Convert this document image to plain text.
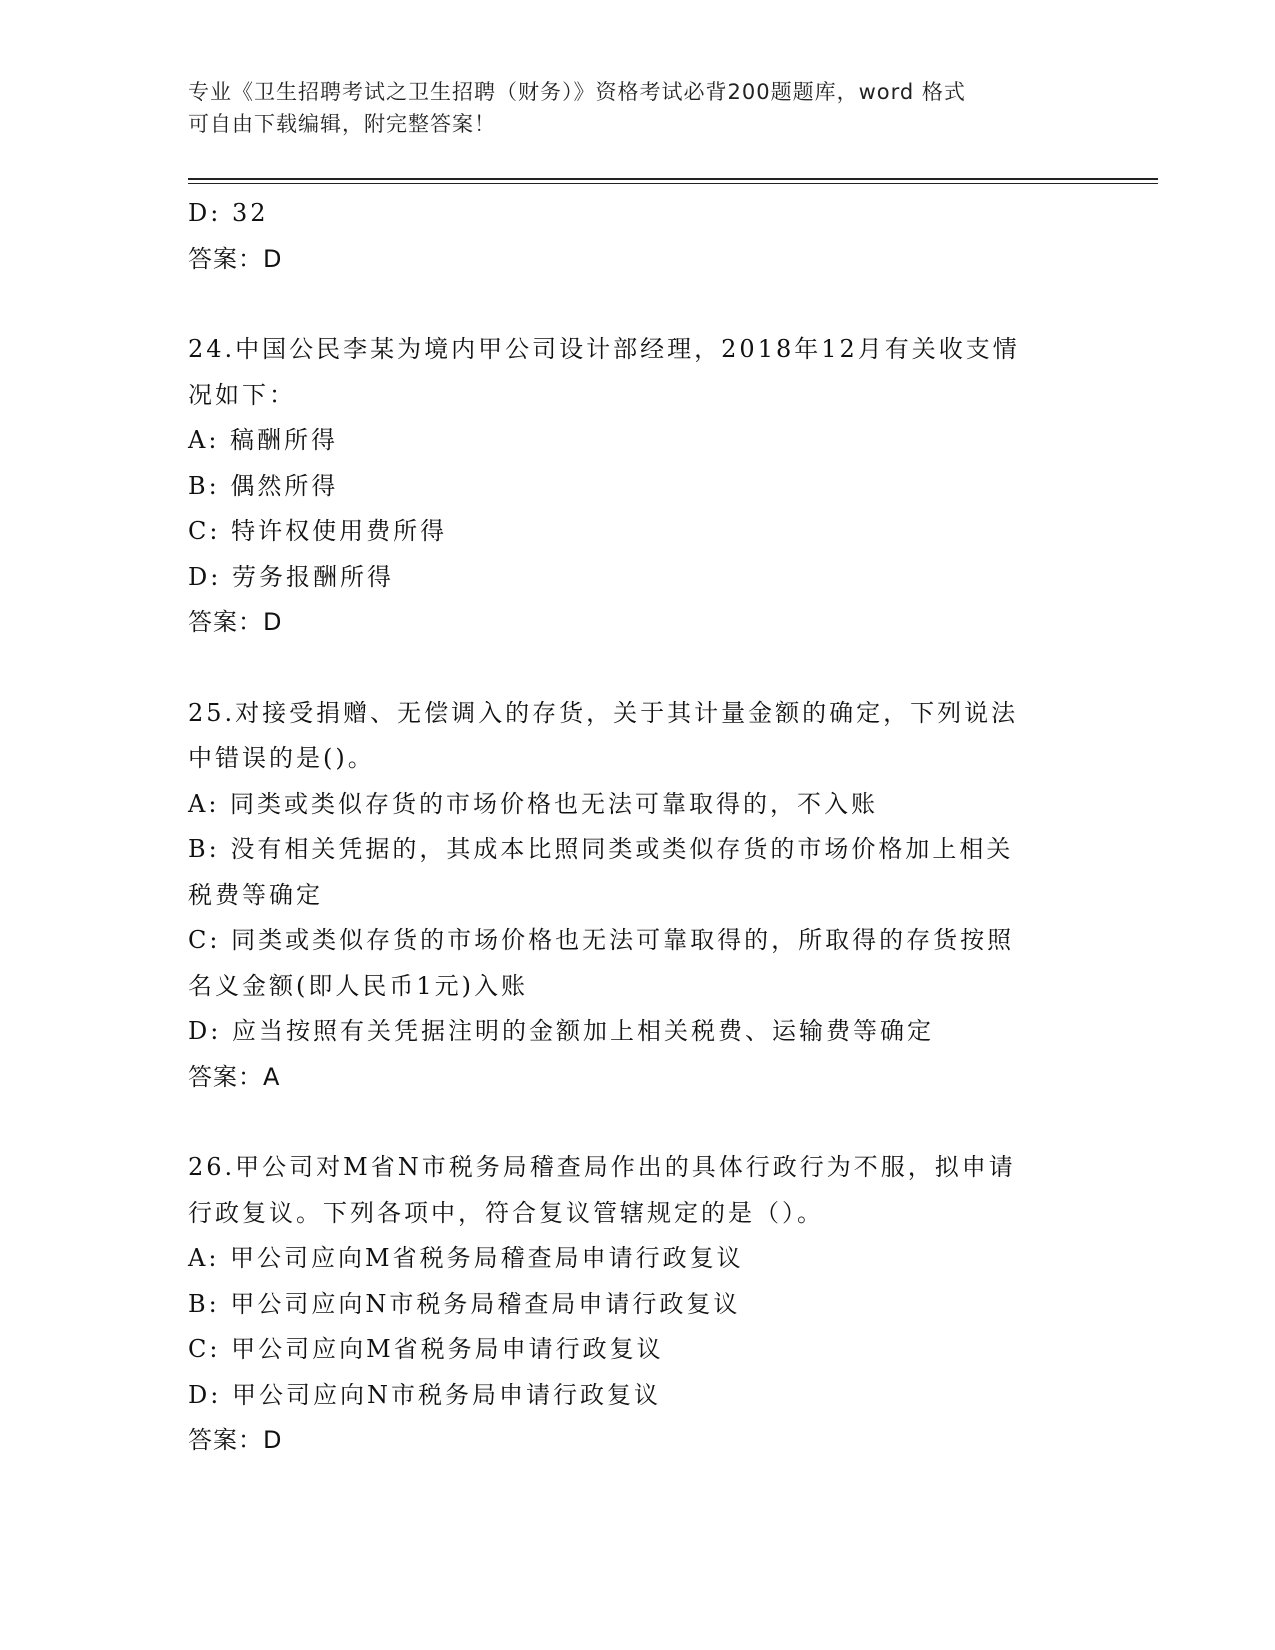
专业《卫生招聘考试之卫生招聘（财务）》资格考试必背200题题库，word 格式
可自由下载编辑，附完整答案！

D: 32

答案：D

24.中国公民李某为境内甲公司设计部经理，2018年12月有关收支情

况如下：

A: 稿酬所得

B: 偶然所得

C: 特许权使用费所得

D: 劳务报酬所得

答案：D

25.对接受捐赠、无偿调入的存货，关于其计量金额的确定，下列说法

中错误的是()。

A: 同类或类似存货的市场价格也无法可靠取得的，不入账

B: 没有相关凭据的，其成本比照同类或类似存货的市场价格加上相关

税费等确定

C: 同类或类似存货的市场价格也无法可靠取得的，所取得的存货按照

名义金额(即人民币1元)入账

D: 应当按照有关凭据注明的金额加上相关税费、运输费等确定

答案：A

26.甲公司对M省N市税务局稽查局作出的具体行政行为不服，拟申请

行政复议。下列各项中，符合复议管辖规定的是（）。

A: 甲公司应向M省税务局稽查局申请行政复议

B: 甲公司应向N市税务局稽查局申请行政复议

C: 甲公司应向M省税务局申请行政复议

D: 甲公司应向N市税务局申请行政复议

答案：D
